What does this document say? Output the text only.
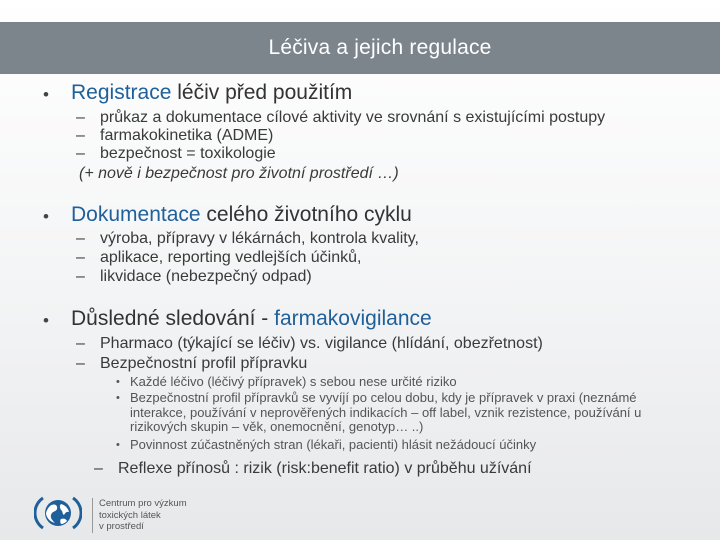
Léčiva a jejich regulace
• Registrace léčiv před použitím
– průkaz a dokumentace cílové aktivity ve srovnání s existujícími postupy
– farmakokinetika (ADME)
– bezpečnost = toxikologie
(+ nově i bezpečnost pro životní prostředí …)
• Dokumentace celého životního cyklu
– výroba, přípravy v lékárnách, kontrola kvality,
– aplikace, reporting vedlejších účinků,
– likvidace (nebezpečný odpad)
• Důsledné sledování - farmakovigilance
– Pharmaco (týkající se léčiv) vs. vigilance (hlídání, obezřetnost)
– Bezpečnostní profil přípravku
• Každé léčivo (léčivý přípravek) s sebou nese určité riziko
• Bezpečnostní profil přípravků se vyvíjí po celou dobu, kdy je přípravek v praxi (neznámé interakce, používání v neprověřených indikacích – off label, vznik rezistence, používání u rizikových skupin – věk, onemocnění, genotyp… ..)
• Povinnost zúčastněných stran (lékaři, pacienti) hlásit nežádoucí účinky
– Reflexe přínosů : rizik (risk:benefit ratio) v průběhu užívání
Centrum pro výzkum
toxických látek
v prostředí
